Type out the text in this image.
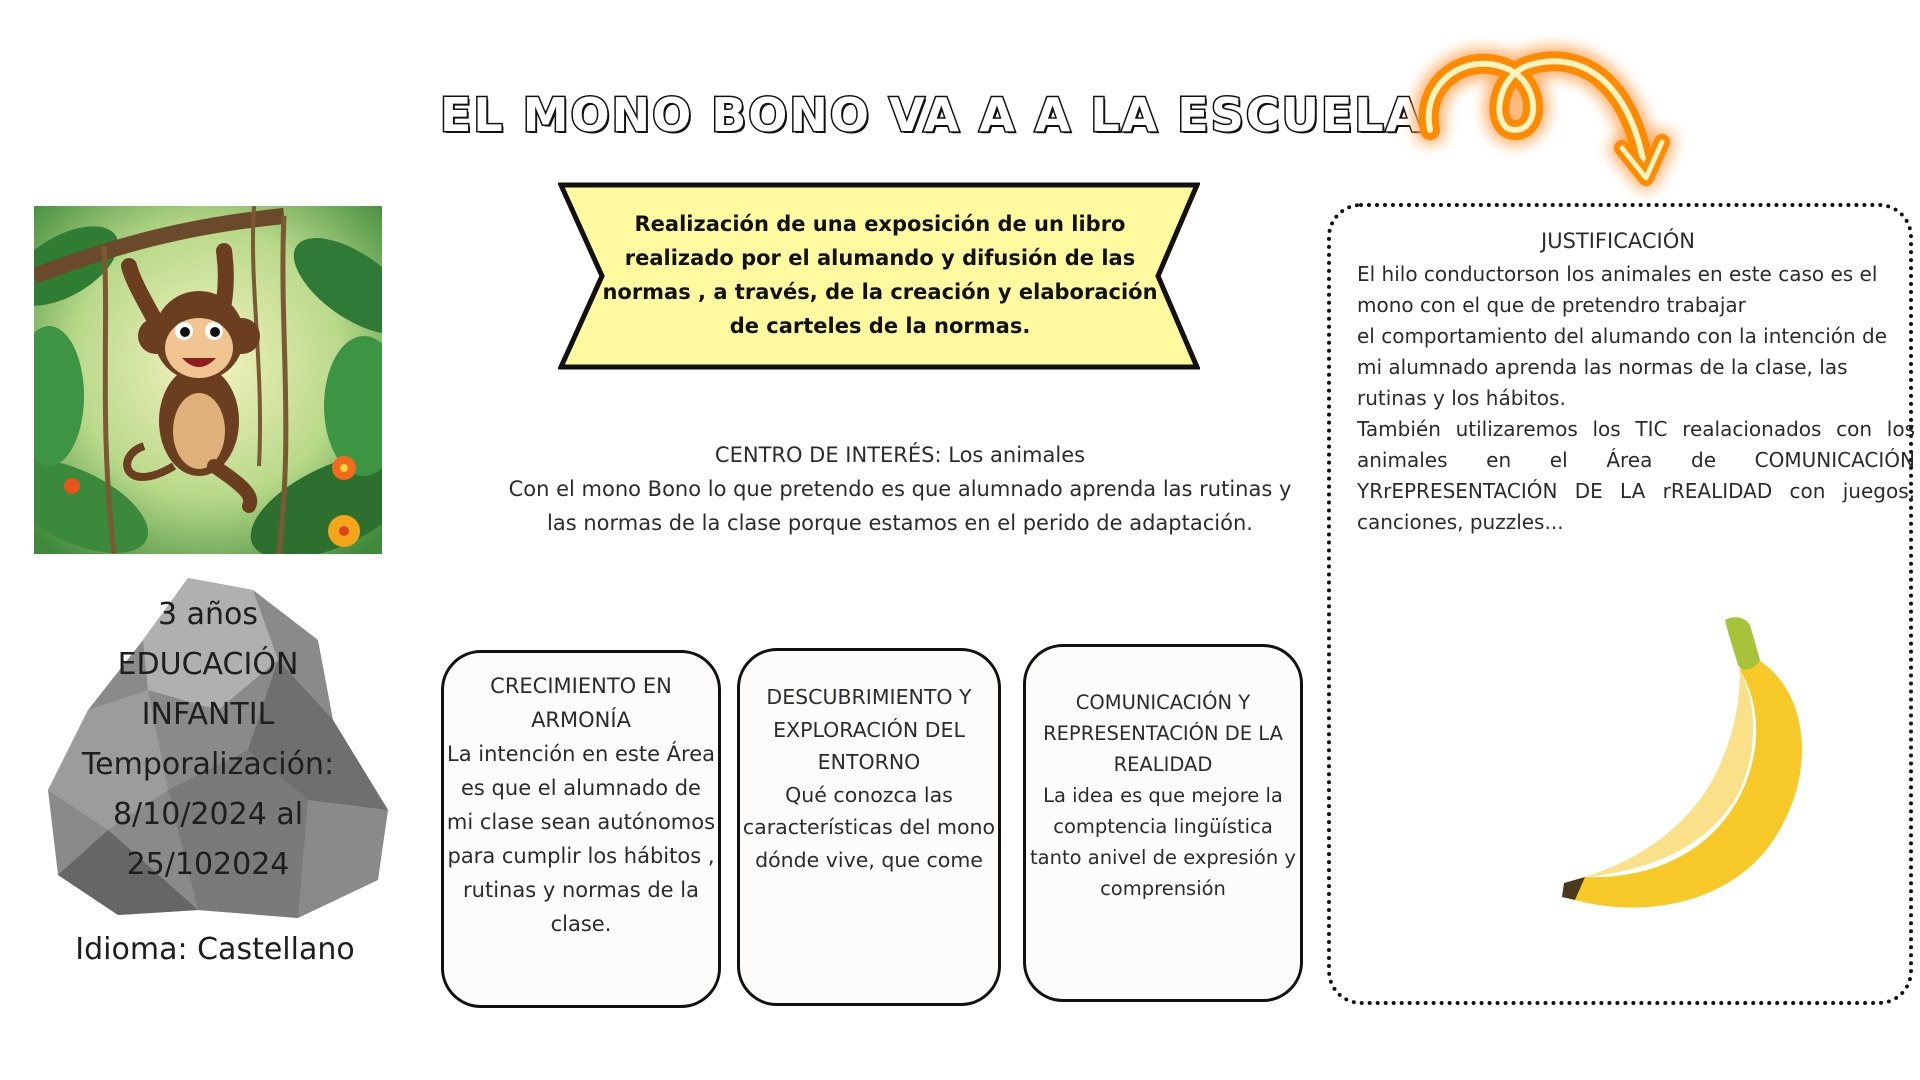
EL MONO BONO VA A A LA ESCUELA
Realización de una exposición de un libro realizado por el alumando y difusión de las normas , a través, de la creación y elaboración de carteles de la normas.
CENTRO DE INTERÉS: Los animales
Con el mono Bono lo que pretendo es que alumnado aprenda las rutinas y
las normas de la clase porque estamos en el perido de adaptación.
3 años
EDUCACIÓN
INFANTIL
Temporalización:
8/10/2024 al
25/102024
Idioma: Castellano
CRECIMIENTO EN ARMONÍA
La intención en este Área es que el alumnado de mi clase sean autónomos para cumplir los hábitos , rutinas y normas de la clase.
DESCUBRIMIENTO Y EXPLORACIÓN DEL ENTORNO
Qué conozca las características del mono dónde vive, que come
COMUNICACIÓN Y REPRESENTACIÓN DE LA REALIDAD
La idea es que mejore la comptencia lingüística tanto anivel de expresión y comprensión
JUSTIFICACIÓN
El hilo conductorson los animales en este caso es el mono con el que de pretendro trabajar
el comportamiento del alumando con la intención de
mi alumnado aprenda las normas de la clase, las rutinas y los hábitos.
También utilizaremos los TIC realacionados con los animales en el Área de COMUNICACIÓN YRrEPRESENTACIÓN DE LA rREALIDAD con juegos, canciones, puzzles...
